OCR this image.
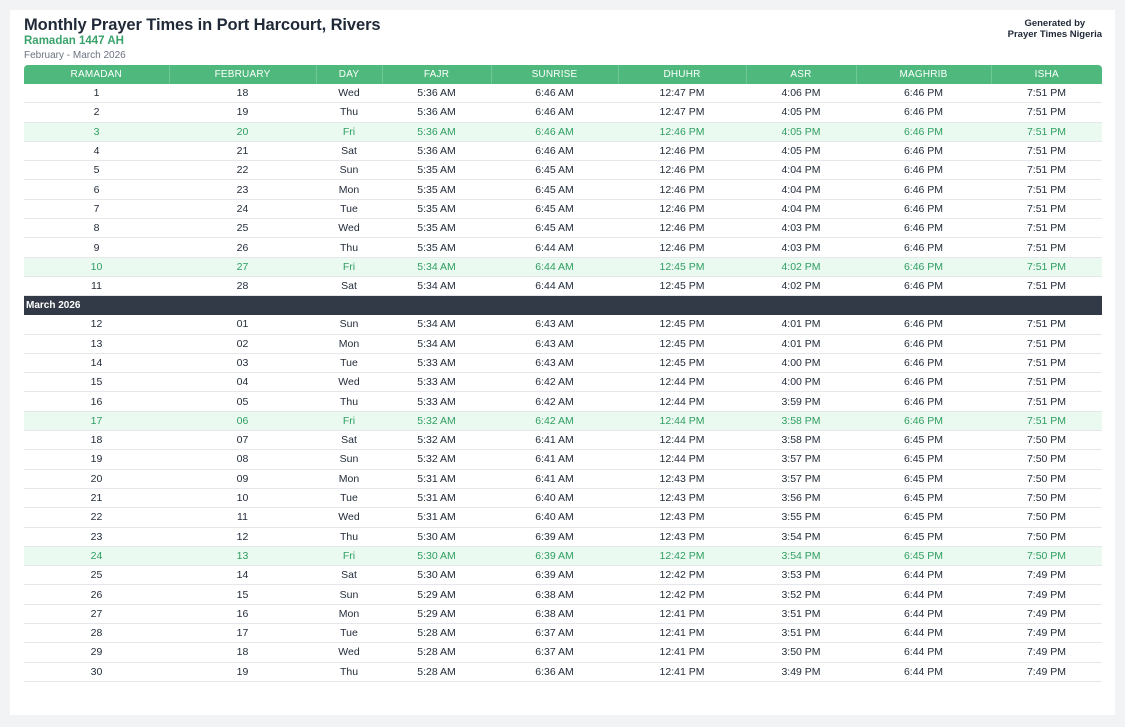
Monthly Prayer Times in Port Harcourt, Rivers
Ramadan 1447 AH
February - March 2026
Generated by
Prayer Times Nigeria
RAMADAN	FEBRUARY	DAY	FAJR	SUNRISE	DHUHR	ASR	MAGHRIB	ISHA
1	18	Wed	5:36 AM	6:46 AM	12:47 PM	4:06 PM	6:46 PM	7:51 PM
2	19	Thu	5:36 AM	6:46 AM	12:47 PM	4:05 PM	6:46 PM	7:51 PM
3	20	Fri	5:36 AM	6:46 AM	12:46 PM	4:05 PM	6:46 PM	7:51 PM
4	21	Sat	5:36 AM	6:46 AM	12:46 PM	4:05 PM	6:46 PM	7:51 PM
5	22	Sun	5:35 AM	6:45 AM	12:46 PM	4:04 PM	6:46 PM	7:51 PM
6	23	Mon	5:35 AM	6:45 AM	12:46 PM	4:04 PM	6:46 PM	7:51 PM
7	24	Tue	5:35 AM	6:45 AM	12:46 PM	4:04 PM	6:46 PM	7:51 PM
8	25	Wed	5:35 AM	6:45 AM	12:46 PM	4:03 PM	6:46 PM	7:51 PM
9	26	Thu	5:35 AM	6:44 AM	12:46 PM	4:03 PM	6:46 PM	7:51 PM
10	27	Fri	5:34 AM	6:44 AM	12:45 PM	4:02 PM	6:46 PM	7:51 PM
11	28	Sat	5:34 AM	6:44 AM	12:45 PM	4:02 PM	6:46 PM	7:51 PM
March 2026								
12	01	Sun	5:34 AM	6:43 AM	12:45 PM	4:01 PM	6:46 PM	7:51 PM
13	02	Mon	5:34 AM	6:43 AM	12:45 PM	4:01 PM	6:46 PM	7:51 PM
14	03	Tue	5:33 AM	6:43 AM	12:45 PM	4:00 PM	6:46 PM	7:51 PM
15	04	Wed	5:33 AM	6:42 AM	12:44 PM	4:00 PM	6:46 PM	7:51 PM
16	05	Thu	5:33 AM	6:42 AM	12:44 PM	3:59 PM	6:46 PM	7:51 PM
17	06	Fri	5:32 AM	6:42 AM	12:44 PM	3:58 PM	6:46 PM	7:51 PM
18	07	Sat	5:32 AM	6:41 AM	12:44 PM	3:58 PM	6:45 PM	7:50 PM
19	08	Sun	5:32 AM	6:41 AM	12:44 PM	3:57 PM	6:45 PM	7:50 PM
20	09	Mon	5:31 AM	6:41 AM	12:43 PM	3:57 PM	6:45 PM	7:50 PM
21	10	Tue	5:31 AM	6:40 AM	12:43 PM	3:56 PM	6:45 PM	7:50 PM
22	11	Wed	5:31 AM	6:40 AM	12:43 PM	3:55 PM	6:45 PM	7:50 PM
23	12	Thu	5:30 AM	6:39 AM	12:43 PM	3:54 PM	6:45 PM	7:50 PM
24	13	Fri	5:30 AM	6:39 AM	12:42 PM	3:54 PM	6:45 PM	7:50 PM
25	14	Sat	5:30 AM	6:39 AM	12:42 PM	3:53 PM	6:44 PM	7:49 PM
26	15	Sun	5:29 AM	6:38 AM	12:42 PM	3:52 PM	6:44 PM	7:49 PM
27	16	Mon	5:29 AM	6:38 AM	12:41 PM	3:51 PM	6:44 PM	7:49 PM
28	17	Tue	5:28 AM	6:37 AM	12:41 PM	3:51 PM	6:44 PM	7:49 PM
29	18	Wed	5:28 AM	6:37 AM	12:41 PM	3:50 PM	6:44 PM	7:49 PM
30	19	Thu	5:28 AM	6:36 AM	12:41 PM	3:49 PM	6:44 PM	7:49 PM
